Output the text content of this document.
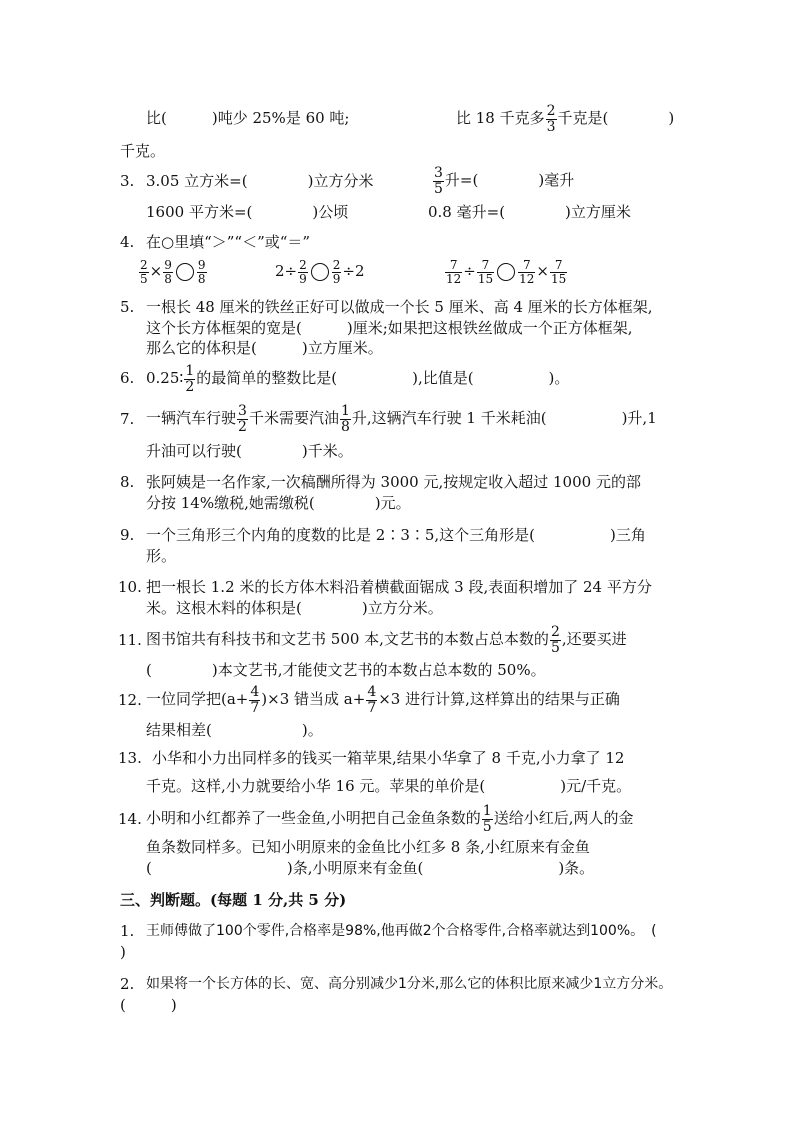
比(　　　)吨少 25%是 60 吨;	比 18 千克多 $\frac{2}{3}$ 千克是(　　　　)
千克。
3. 3.05 立方米=(　　　　)立方分米	$\frac{3}{5}$ 升=(　　　　)毫升
1600 平方米=(　　　　)公顷	0.8 毫升=(　　　　)立方厘米
4. 在○里填“＞”“＜”或“＝”
$\frac{2}{5} \times \frac{9}{8} \frac{9}{8}$	$2\div \frac{2}{9} \frac{2}{9} \div 2$	$\frac{7}{12} \div \frac{7}{15} \frac{7}{12} \times \frac{7}{15}$
5. 一根长 48 厘米的铁丝正好可以做成一个长 5 厘米、高 4 厘米的长方体框架,
这个长方体框架的宽是(　　　)厘米;如果把这根铁丝做成一个正方体框架,
那么它的体积是(　　　)立方厘米。
6. 0.25∶ $\frac{1}{2}$ 的最简单的整数比是(　　　　　),比值是(　　　　　)。
7. 一辆汽车行驶 $\frac{3}{2}$ 千米需要汽油 $\frac{1}{8}$ 升,这辆汽车行驶 1 千米耗油(　　　　　)升,1
升油可以行驶(　　　　)千米。
8. 张阿姨是一名作家,一次稿酬所得为 3000 元,按规定收入超过 1000 元的部
分按 14%缴税,她需缴税(　　　　)元。
9. 一个三角形三个内角的度数的比是 2∶3∶5,这个三角形是(　　　　　)三角
形。
10. 把一根长 1.2 米的长方体木料沿着横截面锯成 3 段,表面积增加了 24 平方分
米。这根木料的体积是(　　　　)立方分米。
11. 图书馆共有科技书和文艺书 500 本,文艺书的本数占总本数的 $\frac{2}{5}$ ,还要买进
(　　　　)本文艺书,才能使文艺书的本数占总本数的 50%。
12. 一位同学把$(a+ \frac{4}{7} )\times 3$ 错当成 $a+ \frac{4}{7} \times 3$ 进行计算,这样算出的结果与正确
结果相差(　　　　　　)。
13. 小华和小力出同样多的钱买一箱苹果,结果小华拿了 8 千克,小力拿了 12
千克。这样,小力就要给小华 16 元。苹果的单价是(　　　　　)元/千克。
14. 小明和小红都养了一些金鱼,小明把自己金鱼条数的 $\frac{1}{5}$ 送给小红后,两人的金
鱼条数同样多。已知小明原来的金鱼比小红多 8 条,小红原来有金鱼
(　　　　　　　　　)条,小明原来有金鱼(　　　　　　　　　)条。
三、判断题。(每题 1 分,共 5 分)
1. 王师傅做了100个零件,合格率是98%,他再做2个合格零件,合格率就达到100%。　(
)
2. 如果将一个长方体的长、宽、高分别减少1分米,那么它的体积比原来减少1立方分米。
(　　　)
